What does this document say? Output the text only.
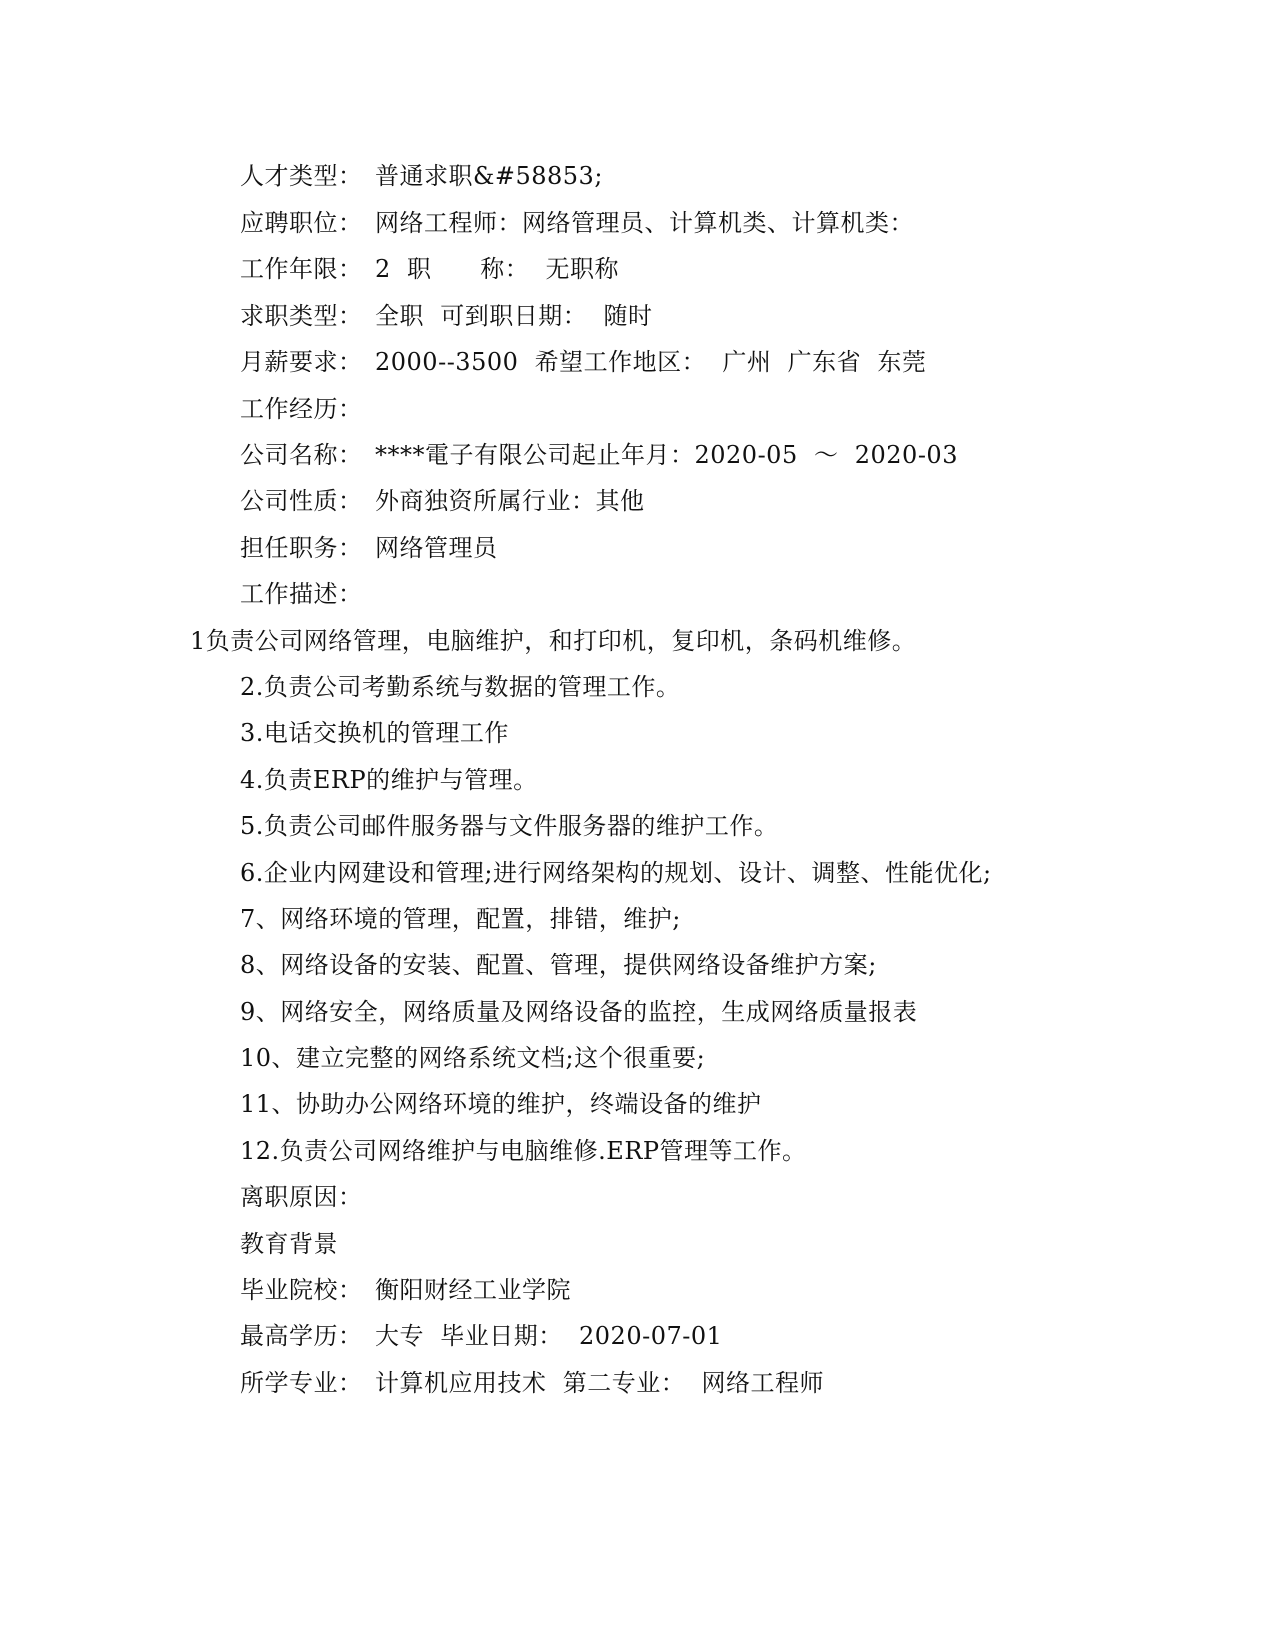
人才类型： 普通求职&#58853;
应聘职位： 网络工程师：网络管理员、计算机类、计算机类：
工作年限： 2  职      称：  无职称
求职类型： 全职  可到职日期：  随时
月薪要求： 2000--3500  希望工作地区：  广州  广东省  东莞
工作经历：
公司名称： ****電子有限公司起止年月：2020-05  ～  2020-03
公司性质： 外商独资所属行业：其他
担任职务： 网络管理员
工作描述：
1负责公司网络管理，电脑维护，和打印机，复印机，条码机维修。
2.负责公司考勤系统与数据的管理工作。
3.电话交换机的管理工作
4.负责ERP的维护与管理。
5.负责公司邮件服务器与文件服务器的维护工作。
6.企业内网建设和管理;进行网络架构的规划、设计、调整、性能优化;
7、网络环境的管理，配置，排错，维护;
8、网络设备的安装、配置、管理，提供网络设备维护方案;
9、网络安全，网络质量及网络设备的监控，生成网络质量报表
10、建立完整的网络系统文档;这个很重要;
11、协助办公网络环境的维护，终端设备的维护
12.负责公司网络维护与电脑维修.ERP管理等工作。
离职原因：
教育背景
毕业院校： 衡阳财经工业学院
最高学历： 大专  毕业日期：  2020-07-01
所学专业： 计算机应用技术  第二专业：  网络工程师
